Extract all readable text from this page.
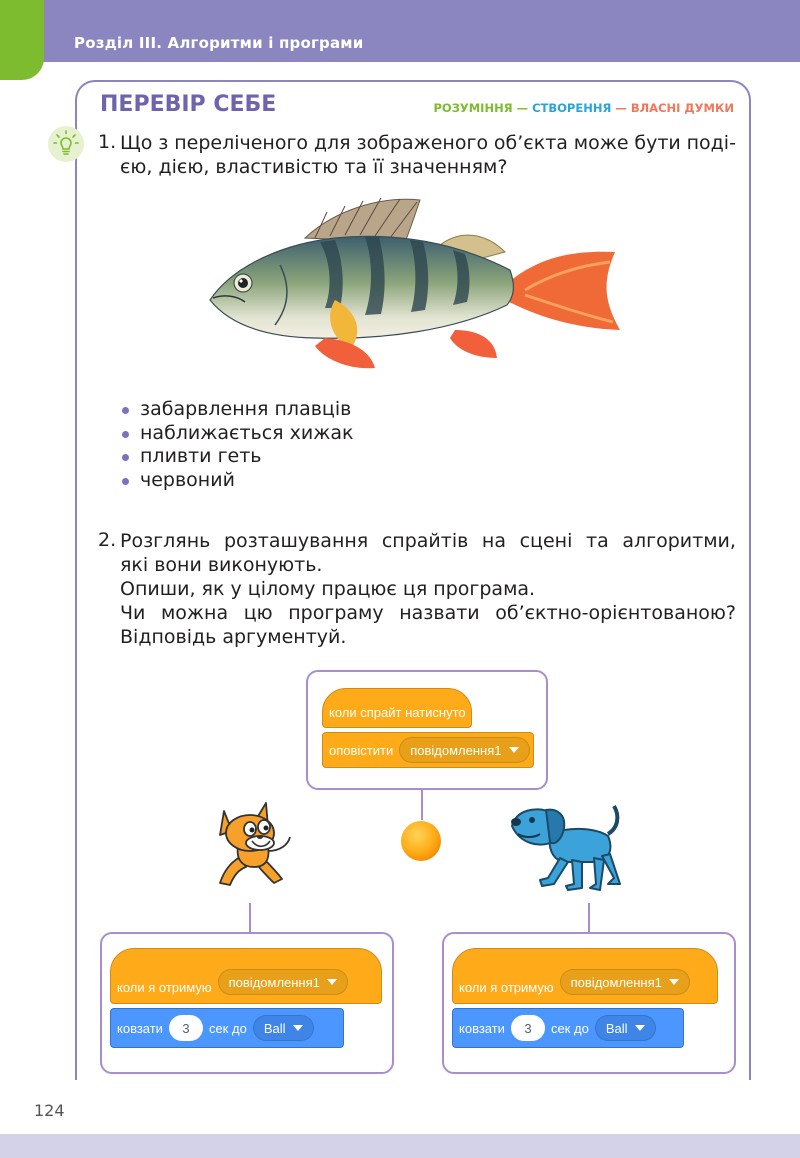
Розділ III. Алгоритми і програми
ПЕРЕВІР СЕБЕ	РОЗУМІННЯ — СТВОРЕННЯ — ВЛАСНІ ДУМКИ
1. Що з переліченого для зображеного об’єкта може бути поді-
єю, дією, властивістю та її значенням?
забарвлення плавців
наближається хижак
пливти геть
червоний
2. Розглянь розташування спрайтів на сцені та алгоритми,
які вони виконують.
Опиши, як у цілому працює ця програма.
Чи можна цю програму назвати об’єктно-орієнтованою?
Відповідь аргументуй.
коли спрайт натиснуто
оповістити повідомлення1
коли я отримую повідомлення1
ковзати	3	сек до Ball
коли я отримую повідомлення1
ковзати	3	сек до Ball
124
